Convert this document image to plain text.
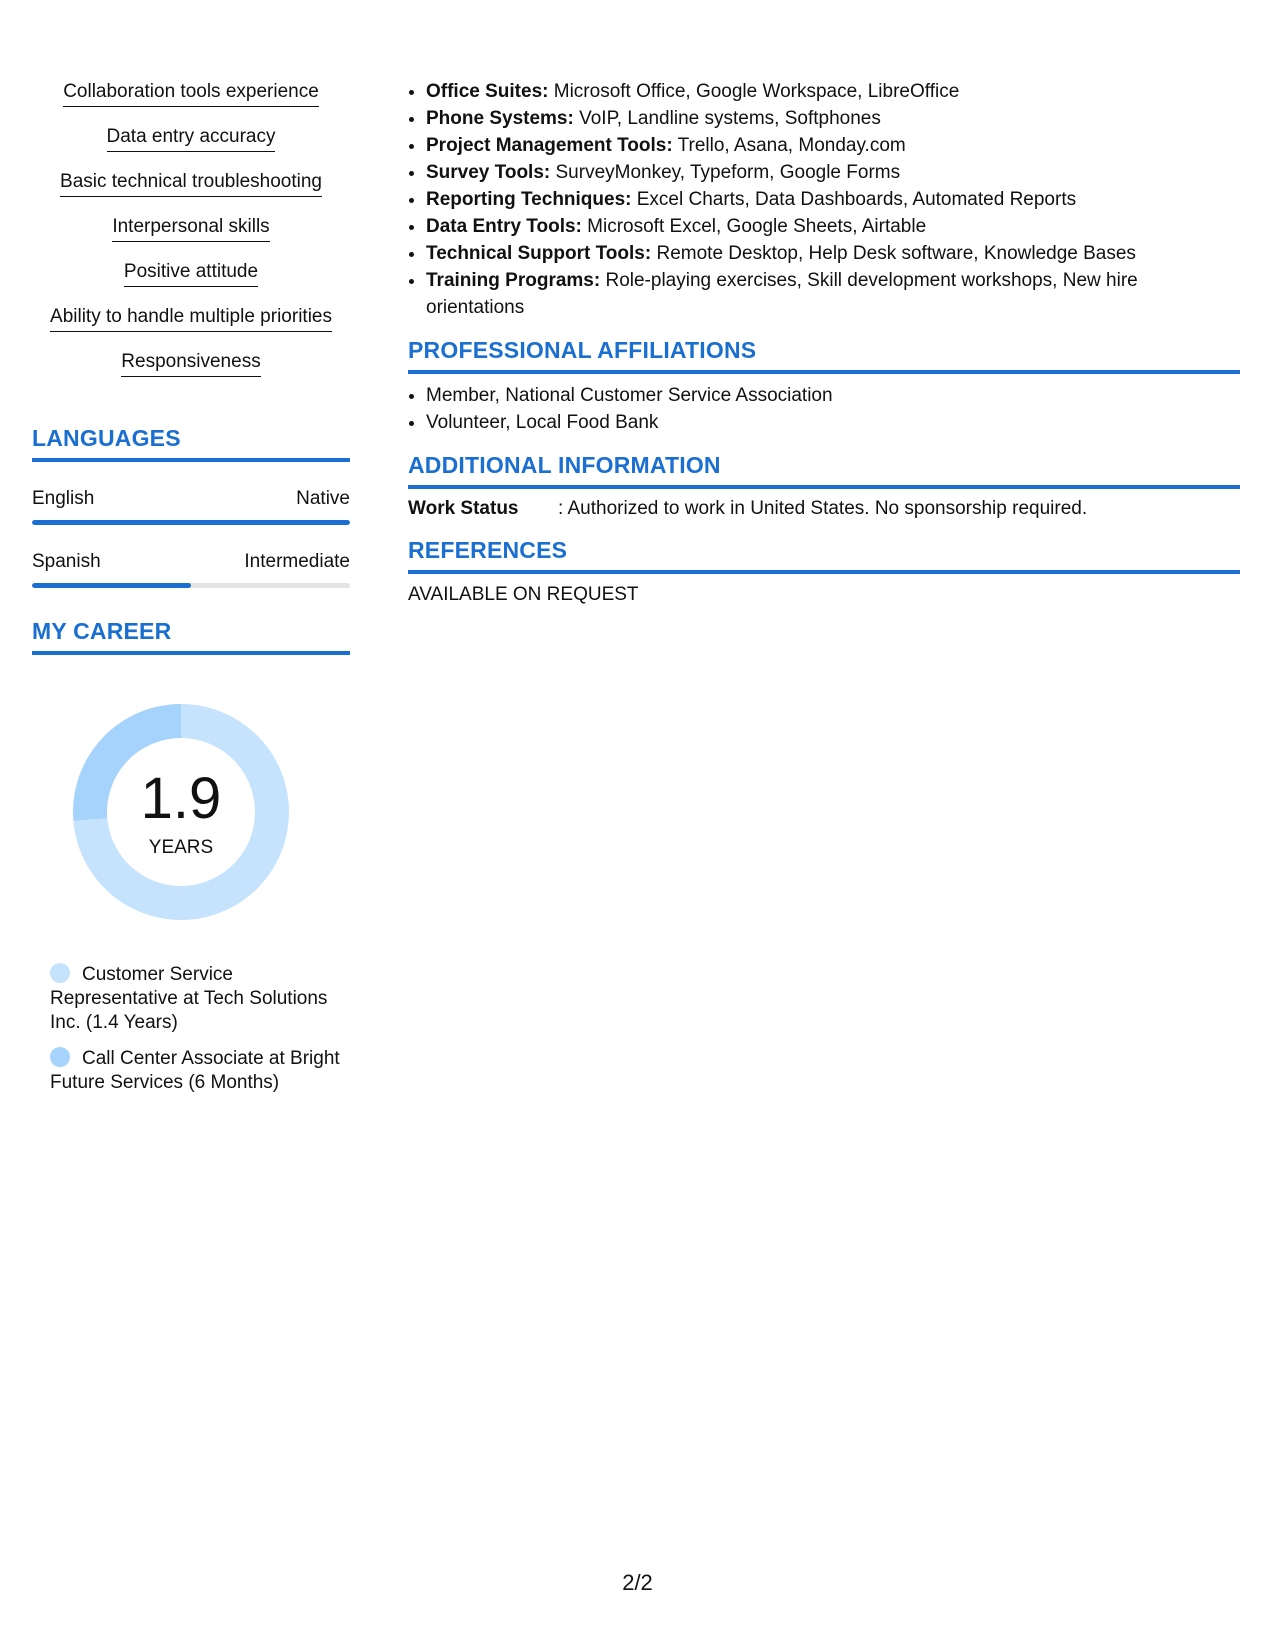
Collaboration tools experience
Data entry accuracy
Basic technical troubleshooting
Interpersonal skills
Positive attitude
Ability to handle multiple priorities
Responsiveness
LANGUAGES
English	Native
Spanish	Intermediate
MY CAREER
1.9
YEARS
Customer Service Representative at Tech Solutions Inc. (1.4 Years)
Call Center Associate at Bright Future Services (6 Months)
• Office Suites: Microsoft Office, Google Workspace, LibreOffice
• Phone Systems: VoIP, Landline systems, Softphones
• Project Management Tools: Trello, Asana, Monday.com
• Survey Tools: SurveyMonkey, Typeform, Google Forms
• Reporting Techniques: Excel Charts, Data Dashboards, Automated Reports
• Data Entry Tools: Microsoft Excel, Google Sheets, Airtable
• Technical Support Tools: Remote Desktop, Help Desk software, Knowledge Bases
• Training Programs: Role-playing exercises, Skill development workshops, New hire orientations
PROFESSIONAL AFFILIATIONS
• Member, National Customer Service Association
• Volunteer, Local Food Bank
ADDITIONAL INFORMATION
Work Status	: Authorized to work in United States. No sponsorship required.
REFERENCES
AVAILABLE ON REQUEST
2/2
